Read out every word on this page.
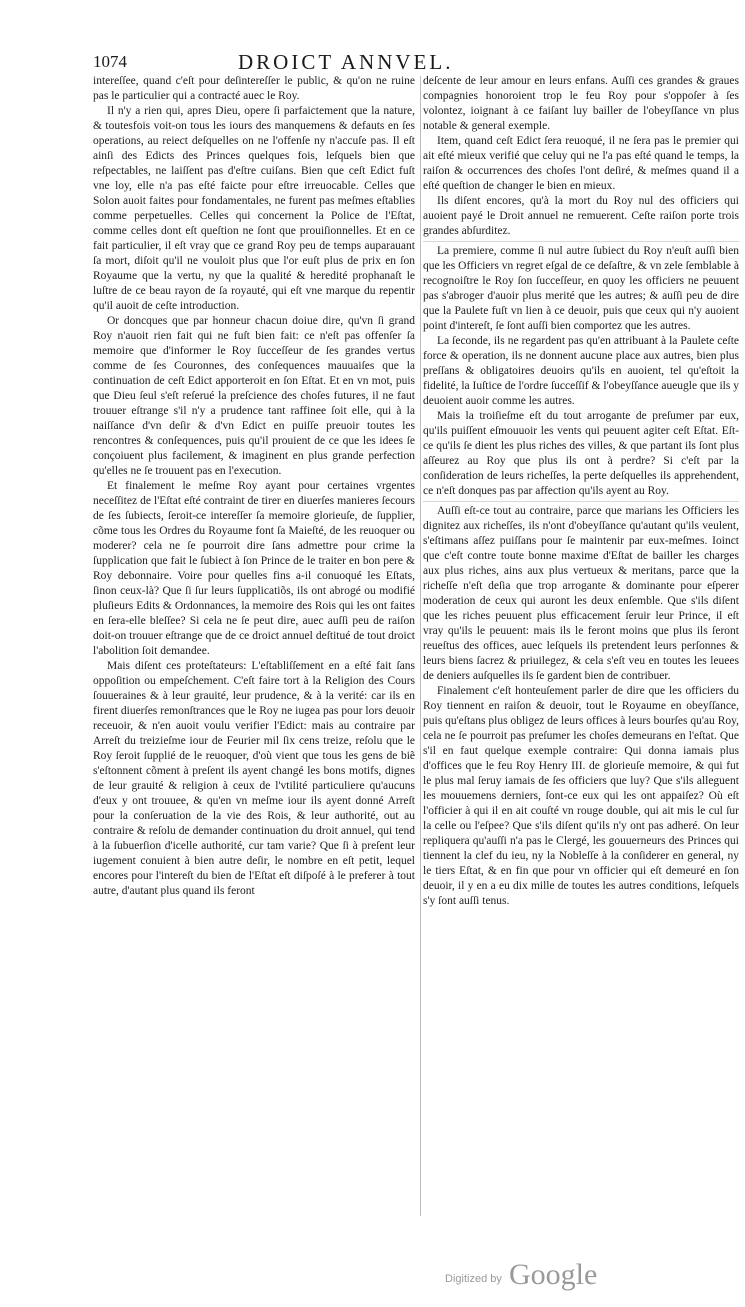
1074	DROICT ANNVEL.

intereſſee, quand c'eſt pour deſintereſſer le public, & qu'on ne ruine pas le particulier qui a contracté auec le Roy.

Il n'y a rien qui, apres Dieu, opere ſi parfaictement que la nature, & toutesfois voit-on tous les iours des manquemens & defauts en ſes operations, au reiect deſquelles on ne l'offenſe ny n'accuſe pas. Il eſt ainſi des Edicts des Princes quelques fois, leſquels bien que reſpectables, ne laiſſent pas d'eſtre cuiſans. Bien que ceſt Edict fuſt vne loy, elle n'a pas eſté faicte pour eſtre irreuocable. Celles que Solon auoit faites pour fondamentales, ne furent pas meſmes eſtablies comme perpetuelles. Celles qui concernent la Police de l'Eſtat, comme celles dont eſt queſtion ne ſont que prouiſionnelles. Et en ce fait particulier, il eſt vray que ce grand Roy peu de temps auparauant ſa mort, diſoit qu'il ne vouloit plus que l'or euſt plus de prix en ſon Royaume que la vertu, ny que la qualité & heredité prophanaſt le luſtre de ce beau rayon de ſa royauté, qui eſt vne marque du repentir qu'il auoit de ceſte introduction.

Or doncques que par honneur chacun doiue dire, qu'vn ſi grand Roy n'auoit rien fait qui ne fuſt bien fait: ce n'eſt pas offenſer ſa memoire que d'informer le Roy ſucceſſeur de ſes grandes vertus comme de ſes Couronnes, des conſequences mauuaiſes que la continuation de ceſt Edict apporteroit en ſon Eſtat. Et en vn mot, puis que Dieu ſeul s'eſt reſerué la preſcience des choſes futures, il ne faut trouuer eſtrange s'il n'y a prudence tant raffinee ſoit elle, qui à la naiſſance d'vn deſir & d'vn Edict en puiſſe preuoir toutes les rencontres & conſequences, puis qu'il prouient de ce que les idees ſe conçoiuent plus facilement, & imaginent en plus grande perfection qu'elles ne ſe trouuent pas en l'execution.

Et finalement le meſme Roy ayant pour certaines vrgentes neceſſitez de l'Eſtat eſté contraint de tirer en diuerſes manieres ſecours de ſes ſubiects, ſeroit-ce intereſſer ſa memoire glorieuſe, de ſupplier, cõme tous les Ordres du Royaume font ſa Maieſté, de les reuoquer ou moderer? cela ne ſe pourroit dire ſans admettre pour crime la ſupplication que fait le ſubiect à ſon Prince de le traiter en bon pere & Roy debonnaire. Voire pour quelles fins a-il conuoqué les Eſtats, ſinon ceux-là? Que ſi ſur leurs ſupplicatiõs, ils ont abrogé ou modifié pluſieurs Edits & Ordonnances, la memoire des Rois qui les ont faites en ſera-elle bleſſee? Si cela ne ſe peut dire, auec auſſi peu de raiſon doit-on trouuer eſtrange que de ce droict annuel deſtitué de tout droict l'abolition ſoit demandee.

Mais diſent ces proteſtateurs: L'eſtabliſſement en a eſté fait ſans oppoſition ou empeſchement. C'eſt faire tort à la Religion des Cours ſouueraines & à leur grauité, leur prudence, & à la verité: car ils en firent diuerſes remonſtrances que le Roy ne iugea pas pour lors deuoir receuoir, & n'en auoit voulu verifier l'Edict: mais au contraire par Arreſt du treizieſme iour de Feurier mil ſix cens treize, reſolu que le Roy ſeroit ſupplié de le reuoquer, d'où vient que tous les gens de biẽ s'eſtonnent cõment à preſent ils ayent changé les bons motifs, dignes de leur grauité & religion à ceux de l'vtilité particuliere qu'aucuns d'eux y ont trouuee, & qu'en vn meſme iour ils ayent donné Arreſt pour la conſeruation de la vie des Rois, & leur authorité, out au contraire & reſolu de demander continuation du droit annuel, qui tend à la ſubuerſion d'icelle authorité, cur tam varie? Que ſi à preſent leur iugement conuient à bien autre deſir, le nombre en eſt petit, lequel encores pour l'intereſt du bien de l'Eſtat eſt diſpoſé à le preferer à tout autre, d'autant plus quand ils feront

deſcente de leur amour en leurs enfans. Auſſi ces grandes & graues compagnies honoroient trop le feu Roy pour s'oppoſer à ſes volontez, ioignant à ce faiſant luy bailler de l'obeyſſance vn plus notable & general exemple.

Item, quand ceſt Edict ſera reuoqué, il ne ſera pas le premier qui ait eſté mieux verifié que celuy qui ne l'a pas eſté quand le temps, la raiſon & occurrences des choſes l'ont deſiré, & meſmes quand il a eſté queſtion de changer le bien en mieux.

Ils diſent encores, qu'à la mort du Roy nul des officiers qui auoient payé le Droit annuel ne remuerent. Ceſte raiſon porte trois grandes abſurditez.

La premiere, comme ſi nul autre ſubiect du Roy n'euſt auſſi bien que les Officiers vn regret eſgal de ce deſaſtre, & vn zele ſemblable à recognoiſtre le Roy ſon ſucceſſeur, en quoy les officiers ne peuuent pas s'abroger d'auoir plus merité que les autres; & auſſi peu de dire que la Paulete fuſt vn lien à ce deuoir, puis que ceux qui n'y auoient point d'intereſt, ſe ſont auſſi bien comportez que les autres.

La ſeconde, ils ne regardent pas qu'en attribuant à la Paulete ceſte force & operation, ils ne donnent aucune place aux autres, bien plus preſſans & obligatoires deuoirs qu'ils en auoient, tel qu'eſtoit la fidelité, la Iuſtice de l'ordre ſucceſſif & l'obeyſſance aueugle que ils y deuoient auoir comme les autres.

Mais la troiſieſme eſt du tout arrogante de preſumer par eux, qu'ils puiſſent eſmouuoir les vents qui peuuent agiter ceſt Eſtat. Eſt-ce qu'ils ſe dient les plus riches des villes, & que partant ils ſont plus aſſeurez au Roy que plus ils ont à perdre? Si c'eſt par la conſideration de leurs richeſſes, la perte deſquelles ils apprehendent, ce n'eſt donques pas par affection qu'ils ayent au Roy.

Auſſi eſt-ce tout au contraire, parce que marians les Officiers les dignitez aux richeſſes, ils n'ont d'obeyſſance qu'autant qu'ils veulent, s'eſtimans aſſez puiſſans pour ſe maintenir par eux-meſmes. Ioinct que c'eſt contre toute bonne maxime d'Eſtat de bailler les charges aux plus riches, ains aux plus vertueux & meritans, parce que la richeſſe n'eſt deſia que trop arrogante & dominante pour eſperer moderation de ceux qui auront les deux enſemble. Que s'ils diſent que les riches peuuent plus efficacement ſeruir leur Prince, il eſt vray qu'ils le peuuent: mais ils le feront moins que plus ils ſeront reueſtus des offices, auec leſquels ils pretendent leurs perſonnes & leurs biens ſacrez & priuilegez, & cela s'eſt veu en toutes les leuees de deniers auſquelles ils ſe gardent bien de contribuer.

Finalement c'eſt honteuſement parler de dire que les officiers du Roy tiennent en raiſon & deuoir, tout le Royaume en obeyſſance, puis qu'eſtans plus obligez de leurs offices à leurs bourſes qu'au Roy, cela ne ſe pourroit pas preſumer les choſes demeurans en l'eſtat. Que s'il en faut quelque exemple contraire: Qui donna iamais plus d'offices que le feu Roy Henry III. de glorieuſe memoire, & qui fut le plus mal ſeruy iamais de ſes officiers que luy? Que s'ils alleguent les mouuemens derniers, ſont-ce eux qui les ont appaiſez? Où eſt l'officier à qui il en ait couſté vn rouge double, qui ait mis le cul ſur la celle ou l'eſpee? Que s'ils diſent qu'ils n'y ont pas adheré. On leur repliquera qu'auſſi n'a pas le Clergé, les gouuerneurs des Princes qui tiennent la clef du ieu, ny la Nobleſſe à la conſiderer en general, ny le tiers Eſtat, & en fin que pour vn officier qui eſt demeuré en ſon deuoir, il y en a eu dix mille de toutes les autres conditions, leſquels s'y ſont auſſi tenus.

Digitized by Google
